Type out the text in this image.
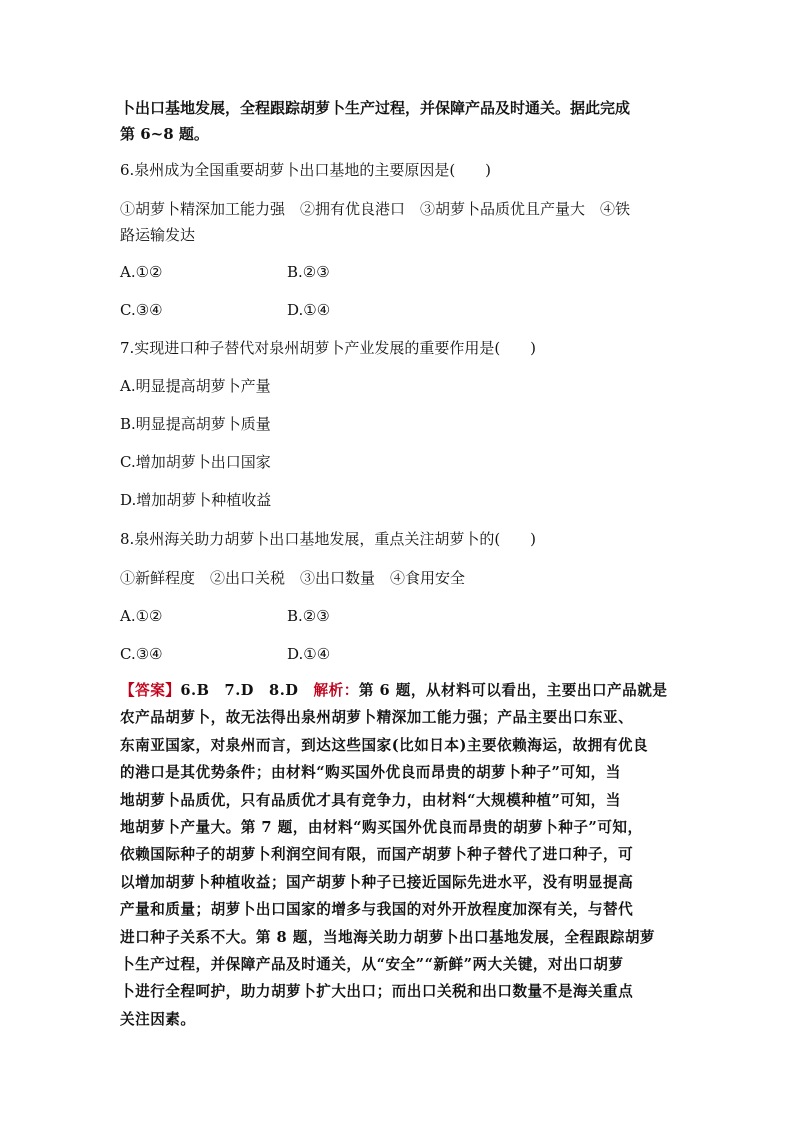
卜出口基地发展，全程跟踪胡萝卜生产过程，并保障产品及时通关。据此完成
第 6~8 题。
6.泉州成为全国重要胡萝卜出口基地的主要原因是(　　)
①胡萝卜精深加工能力强　②拥有优良港口　③胡萝卜品质优且产量大　④铁
路运输发达
A.①②	B.②③
C.③④	D.①④
7.实现进口种子替代对泉州胡萝卜产业发展的重要作用是(　　)
A.明显提高胡萝卜产量
B.明显提高胡萝卜质量
C.增加胡萝卜出口国家
D.增加胡萝卜种植收益
8.泉州海关助力胡萝卜出口基地发展，重点关注胡萝卜的(　　)
①新鲜程度　②出口关税　③出口数量　④食用安全
A.①②	B.②③
C.③④	D.①④
【答案】6.B　7.D　8.D　解析：第 6 题，从材料可以看出，主要出口产品就是
农产品胡萝卜，故无法得出泉州胡萝卜精深加工能力强；产品主要出口东亚、
东南亚国家，对泉州而言，到达这些国家(比如日本)主要依赖海运，故拥有优良
的港口是其优势条件；由材料“购买国外优良而昂贵的胡萝卜种子”可知，当
地胡萝卜品质优，只有品质优才具有竞争力，由材料“大规模种植”可知，当
地胡萝卜产量大。第 7 题，由材料“购买国外优良而昂贵的胡萝卜种子”可知，
依赖国际种子的胡萝卜利润空间有限，而国产胡萝卜种子替代了进口种子，可
以增加胡萝卜种植收益；国产胡萝卜种子已接近国际先进水平，没有明显提高
产量和质量；胡萝卜出口国家的增多与我国的对外开放程度加深有关，与替代
进口种子关系不大。第 8 题，当地海关助力胡萝卜出口基地发展，全程跟踪胡萝
卜生产过程，并保障产品及时通关，从“安全”“新鲜”两大关键，对出口胡萝
卜进行全程呵护，助力胡萝卜扩大出口；而出口关税和出口数量不是海关重点
关注因素。
